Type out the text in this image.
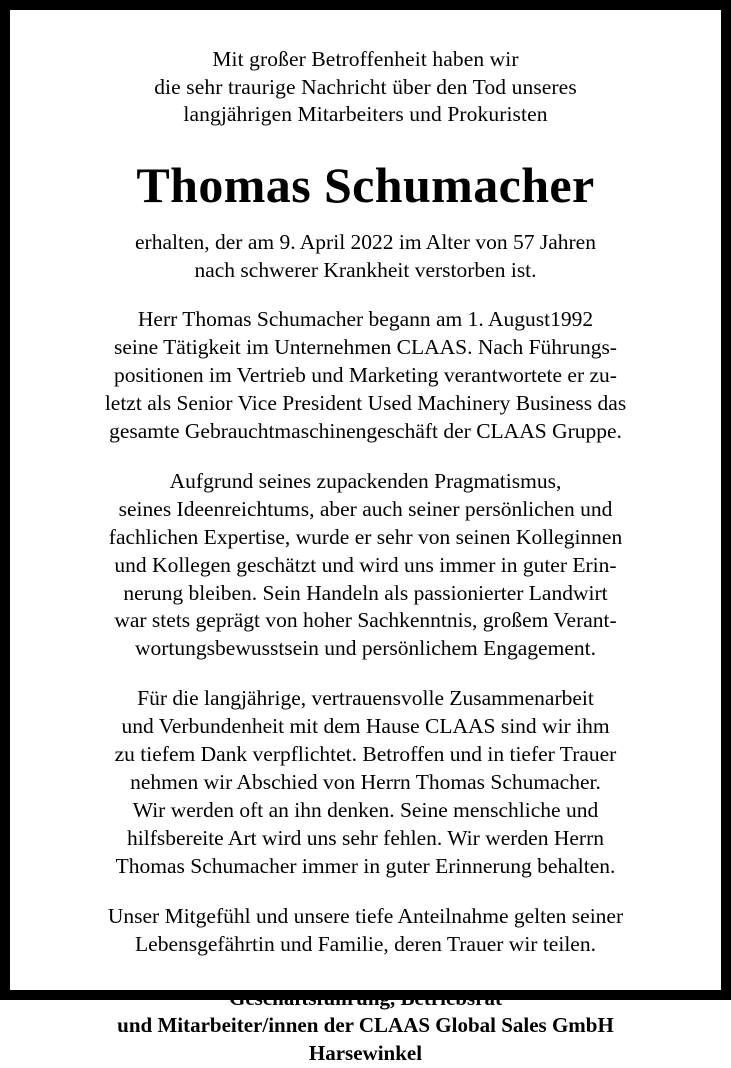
Mit großer Betroffenheit haben wir
die sehr traurige Nachricht über den Tod unseres
langjährigen Mitarbeiters und Prokuristen
Thomas Schumacher
erhalten, der am 9. April 2022 im Alter von 57 Jahren
nach schwerer Krankheit verstorben ist.
Herr Thomas Schumacher begann am 1. August1992
seine Tätigkeit im Unternehmen CLAAS. Nach Führungs-
positionen im Vertrieb und Marketing verantwortete er zu-
letzt als Senior Vice President Used Machinery Business das
gesamte Gebrauchtmaschinengeschäft der CLAAS Gruppe.
Aufgrund seines zupackenden Pragmatismus,
seines Ideenreichtums, aber auch seiner persönlichen und
fachlichen Expertise, wurde er sehr von seinen Kolleginnen
und Kollegen geschätzt und wird uns immer in guter Erin-
nerung bleiben. Sein Handeln als passionierter Landwirt
war stets geprägt von hoher Sachkenntnis, großem Verant-
wortungsbewusstsein und persönlichem Engagement.
Für die langjährige, vertrauensvolle Zusammenarbeit
und Verbundenheit mit dem Hause CLAAS sind wir ihm
zu tiefem Dank verpflichtet. Betroffen und in tiefer Trauer
nehmen wir Abschied von Herrn Thomas Schumacher.
Wir werden oft an ihn denken. Seine menschliche und
hilfsbereite Art wird uns sehr fehlen. Wir werden Herrn
Thomas Schumacher immer in guter Erinnerung behalten.
Unser Mitgefühl und unsere tiefe Anteilnahme gelten seiner
Lebensgefährtin und Familie, deren Trauer wir teilen.
Geschäftsführung, Betriebsrat
und Mitarbeiter/innen der CLAAS Global Sales GmbH
Harsewinkel
